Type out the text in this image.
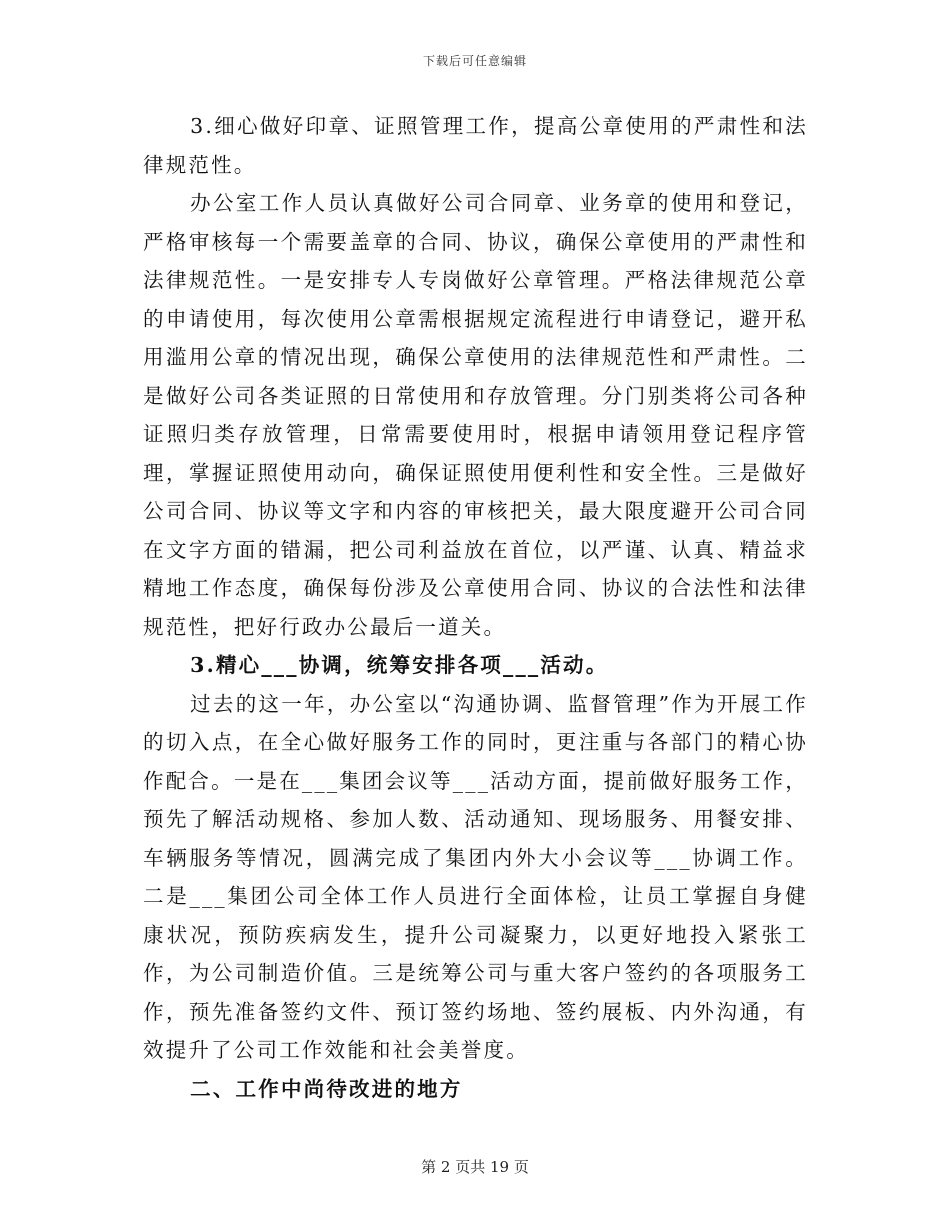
下载后可任意编辑

3.细心做好印章、证照管理工作，提高公章使用的严肃性和法律规范性。

办公室工作人员认真做好公司合同章、业务章的使用和登记，严格审核每一个需要盖章的合同、协议，确保公章使用的严肃性和法律规范性。一是安排专人专岗做好公章管理。严格法律规范公章的申请使用，每次使用公章需根据规定流程进行申请登记，避开私用滥用公章的情况出现，确保公章使用的法律规范性和严肃性。二是做好公司各类证照的日常使用和存放管理。分门别类将公司各种证照归类存放管理，日常需要使用时，根据申请领用登记程序管理，掌握证照使用动向，确保证照使用便利性和安全性。三是做好公司合同、协议等文字和内容的审核把关，最大限度避开公司合同在文字方面的错漏，把公司利益放在首位，以严谨、认真、精益求精地工作态度，确保每份涉及公章使用合同、协议的合法性和法律规范性，把好行政办公最后一道关。

3.精心___协调，统筹安排各项___活动。

过去的这一年，办公室以“沟通协调、监督管理”作为开展工作的切入点，在全心做好服务工作的同时，更注重与各部门的精心协作配合。一是在___集团会议等___活动方面，提前做好服务工作，预先了解活动规格、参加人数、活动通知、现场服务、用餐安排、车辆服务等情况，圆满完成了集团内外大小会议等___协调工作。二是___集团公司全体工作人员进行全面体检，让员工掌握自身健康状况，预防疾病发生，提升公司凝聚力，以更好地投入紧张工作，为公司制造价值。三是统筹公司与重大客户签约的各项服务工作，预先准备签约文件、预订签约场地、签约展板、内外沟通，有效提升了公司工作效能和社会美誉度。

二、工作中尚待改进的地方

第 2 页共 19 页
